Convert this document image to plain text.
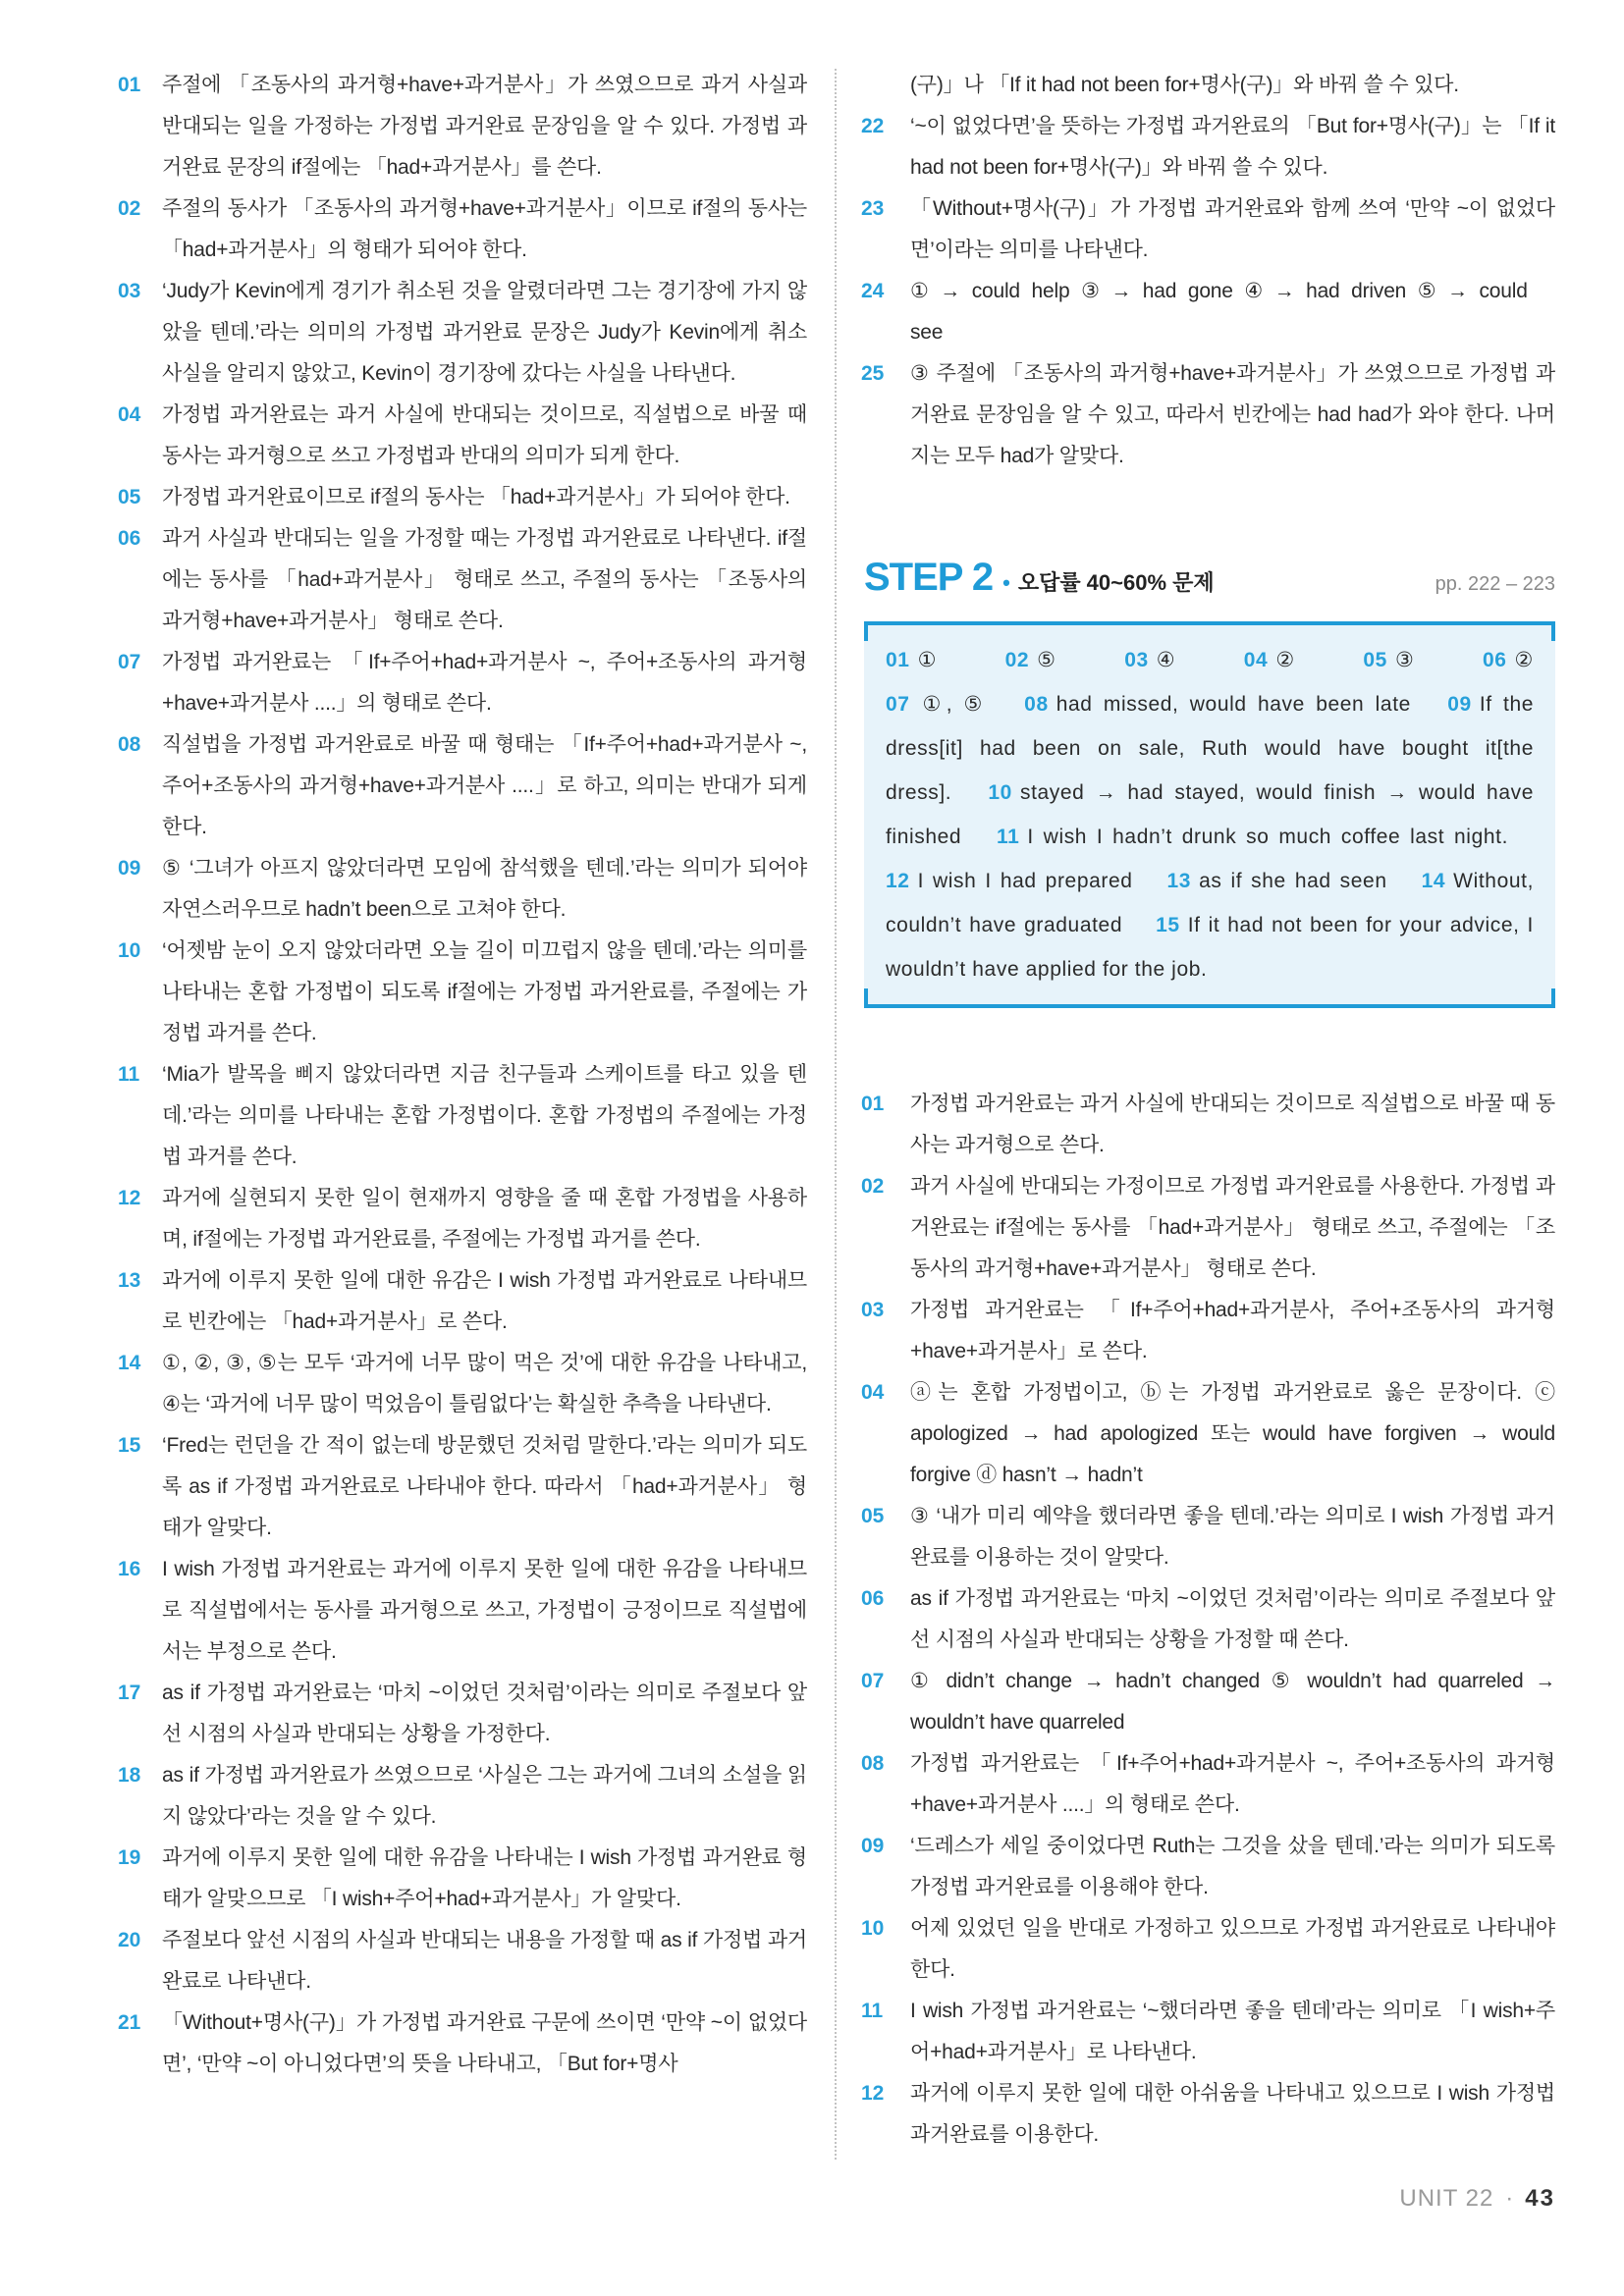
01	주절에 「조동사의 과거형+have+과거분사」가 쓰였으므로 과거 사실과 반대되는 일을 가정하는 가정법 과거완료 문장임을 알 수 있다. 가정법 과거완료 문장의 if절에는 「had+과거분사」를 쓴다.
02	주절의 동사가 「조동사의 과거형+have+과거분사」이므로 if절의 동사는 「had+과거분사」의 형태가 되어야 한다.
03	‘Judy가 Kevin에게 경기가 취소된 것을 알렸더라면 그는 경기장에 가지 않았을 텐데.’라는 의미의 가정법 과거완료 문장은 Judy가 Kevin에게 취소 사실을 알리지 않았고, Kevin이 경기장에 갔다는 사실을 나타낸다.
04	가정법 과거완료는 과거 사실에 반대되는 것이므로, 직설법으로 바꿀 때 동사는 과거형으로 쓰고 가정법과 반대의 의미가 되게 한다.
05	가정법 과거완료이므로 if절의 동사는 「had+과거분사」가 되어야 한다.
06	과거 사실과 반대되는 일을 가정할 때는 가정법 과거완료로 나타낸다. if절에는 동사를 「had+과거분사」 형태로 쓰고, 주절의 동사는 「조동사의 과거형+have+과거분사」 형태로 쓴다.
07	가정법 과거완료는 「If+주어+had+과거분사 ~, 주어+조동사의 과거형+have+과거분사 ....」의 형태로 쓴다.
08	직설법을 가정법 과거완료로 바꿀 때 형태는 「If+주어+had+과거분사 ~, 주어+조동사의 과거형+have+과거분사 ....」로 하고, 의미는 반대가 되게 한다.
09	⑤ ‘그녀가 아프지 않았더라면 모임에 참석했을 텐데.’라는 의미가 되어야 자연스러우므로 hadn’t been으로 고쳐야 한다.
10	‘어젯밤 눈이 오지 않았더라면 오늘 길이 미끄럽지 않을 텐데.’라는 의미를 나타내는 혼합 가정법이 되도록 if절에는 가정법 과거완료를, 주절에는 가정법 과거를 쓴다.
11	‘Mia가 발목을 삐지 않았더라면 지금 친구들과 스케이트를 타고 있을 텐데.’라는 의미를 나타내는 혼합 가정법이다. 혼합 가정법의 주절에는 가정법 과거를 쓴다.
12	과거에 실현되지 못한 일이 현재까지 영향을 줄 때 혼합 가정법을 사용하며, if절에는 가정법 과거완료를, 주절에는 가정법 과거를 쓴다.
13	과거에 이루지 못한 일에 대한 유감은 I wish 가정법 과거완료로 나타내므로 빈칸에는 「had+과거분사」로 쓴다.
14	①, ②, ③, ⑤는 모두 ‘과거에 너무 많이 먹은 것’에 대한 유감을 나타내고, ④는 ‘과거에 너무 많이 먹었음이 틀림없다’는 확실한 추측을 나타낸다.
15	‘Fred는 런던을 간 적이 없는데 방문했던 것처럼 말한다.’라는 의미가 되도록 as if 가정법 과거완료로 나타내야 한다. 따라서 「had+과거분사」 형태가 알맞다.
16	I wish 가정법 과거완료는 과거에 이루지 못한 일에 대한 유감을 나타내므로 직설법에서는 동사를 과거형으로 쓰고, 가정법이 긍정이므로 직설법에서는 부정으로 쓴다.
17	as if 가정법 과거완료는 ‘마치 ~이었던 것처럼’이라는 의미로 주절보다 앞선 시점의 사실과 반대되는 상황을 가정한다.
18	as if 가정법 과거완료가 쓰였으므로 ‘사실은 그는 과거에 그녀의 소설을 읽지 않았다’라는 것을 알 수 있다.
19	과거에 이루지 못한 일에 대한 유감을 나타내는 I wish 가정법 과거완료 형태가 알맞으므로 「I wish+주어+had+과거분사」가 알맞다.
20	주절보다 앞선 시점의 사실과 반대되는 내용을 가정할 때 as if 가정법 과거완료로 나타낸다.
21	「Without+명사(구)」가 가정법 과거완료 구문에 쓰이면 ‘만약 ~이 없었다면’, ‘만약 ~이 아니었다면’의 뜻을 나타내고, 「But for+명사
(구)」나 「If it had not been for+명사(구)」와 바꿔 쓸 수 있다.
22	‘~이 없었다면’을 뜻하는 가정법 과거완료의 「But for+명사(구)」는 「If it had not been for+명사(구)」와 바꿔 쓸 수 있다.
23	「Without+명사(구)」가 가정법 과거완료와 함께 쓰여 ‘만약 ~이 없었다면’이라는 의미를 나타낸다.
24	① → could help ③ → had gone ④ → had driven ⑤ → could see
25	③ 주절에 「조동사의 과거형+have+과거분사」가 쓰였으므로 가정법 과거완료 문장임을 알 수 있고, 따라서 빈칸에는 had had가 와야 한다. 나머지는 모두 had가 알맞다.
STEP 2 • 오답률 40~60% 문제	pp. 222 – 223
01 ①	02 ⑤	03 ④	04 ②	05 ③	06 ②
07 ①, ⑤ 08 had missed, would have been late 09 If the dress[it] had been on sale, Ruth would have bought it[the dress]. 10 stayed → had stayed, would finish → would have finished 11 I wish I hadn’t drunk so much coffee last night. 12 I wish I had prepared 13 as if she had seen 14 Without, couldn’t have graduated 15 If it had not been for your advice, I wouldn’t have applied for the job.
01	가정법 과거완료는 과거 사실에 반대되는 것이므로 직설법으로 바꿀 때 동사는 과거형으로 쓴다.
02	과거 사실에 반대되는 가정이므로 가정법 과거완료를 사용한다. 가정법 과거완료는 if절에는 동사를 「had+과거분사」 형태로 쓰고, 주절에는 「조동사의 과거형+have+과거분사」 형태로 쓴다.
03	가정법 과거완료는 「If+주어+had+과거분사, 주어+조동사의 과거형+have+과거분사」로 쓴다.
04	ⓐ는 혼합 가정법이고, ⓑ는 가정법 과거완료로 옳은 문장이다. ⓒ apologized → had apologized 또는 would have forgiven → would forgive ⓓ hasn’t → hadn’t
05	③ ‘내가 미리 예약을 했더라면 좋을 텐데.’라는 의미로 I wish 가정법 과거완료를 이용하는 것이 알맞다.
06	as if 가정법 과거완료는 ‘마치 ~이었던 것처럼’이라는 의미로 주절보다 앞선 시점의 사실과 반대되는 상황을 가정할 때 쓴다.
07	① didn’t change → hadn’t changed ⑤ wouldn’t had quarreled → wouldn’t have quarreled
08	가정법 과거완료는 「If+주어+had+과거분사 ~, 주어+조동사의 과거형+have+과거분사 ....」의 형태로 쓴다.
09	‘드레스가 세일 중이었다면 Ruth는 그것을 샀을 텐데.’라는 의미가 되도록 가정법 과거완료를 이용해야 한다.
10	어제 있었던 일을 반대로 가정하고 있으므로 가정법 과거완료로 나타내야 한다.
11	I wish 가정법 과거완료는 ‘~했더라면 좋을 텐데’라는 의미로 「I wish+주어+had+과거분사」로 나타낸다.
12	과거에 이루지 못한 일에 대한 아쉬움을 나타내고 있으므로 I wish 가정법 과거완료를 이용한다.
UNIT 22 · 43
